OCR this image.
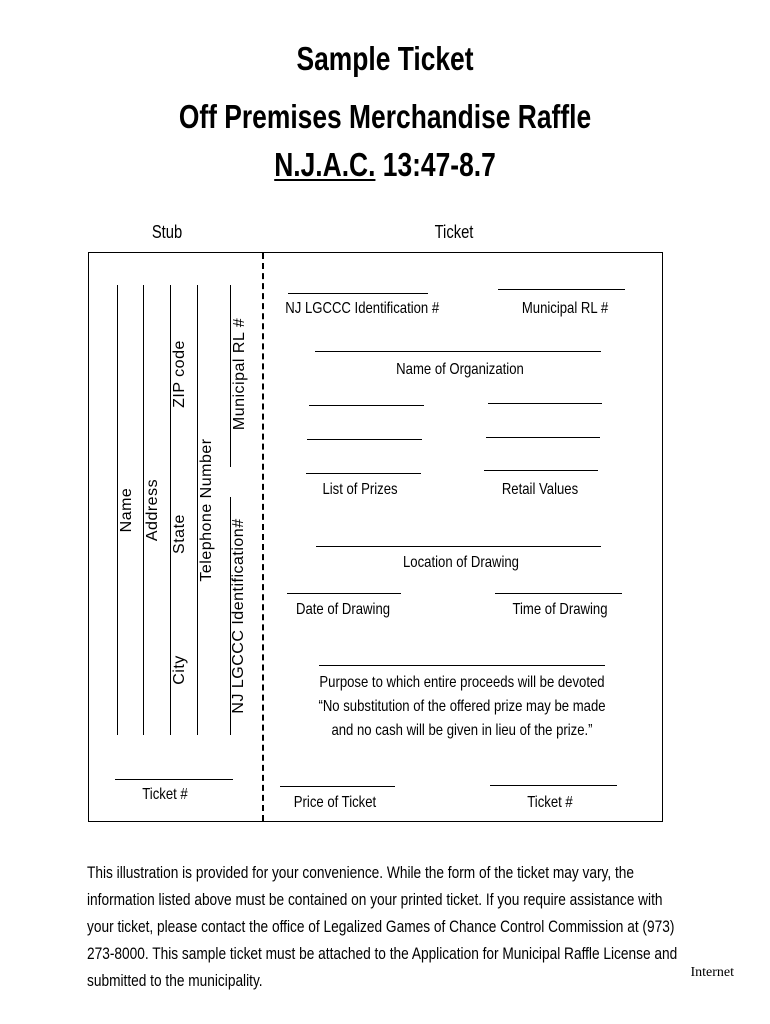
Sample Ticket
Off Premises Merchandise Raffle
N.J.A.C. 13:47-8.7
Stub	Ticket
Name Address State
City
ZIP code
Telephone Number
Municipal RL #
NJ LGCCC Identification#
Ticket #
NJ LGCCC Identification #	Municipal RL #
Name of Organization
List of Prizes	Retail Values
Location of Drawing
Date of Drawing	Time of Drawing
Purpose to which entire proceeds will be devoted
“No substitution of the offered prize may be made
and no cash will be given in lieu of the prize.”
Price of Ticket	Ticket #
This illustration is provided for your convenience. While the form of the ticket may vary, the information listed above must be contained on your printed ticket. If you require assistance with your ticket, please contact the office of Legalized Games of Chance Control Commission at (973) 273-8000. This sample ticket must be attached to the Application for Municipal Raffle License and submitted to the municipality.	Internet
